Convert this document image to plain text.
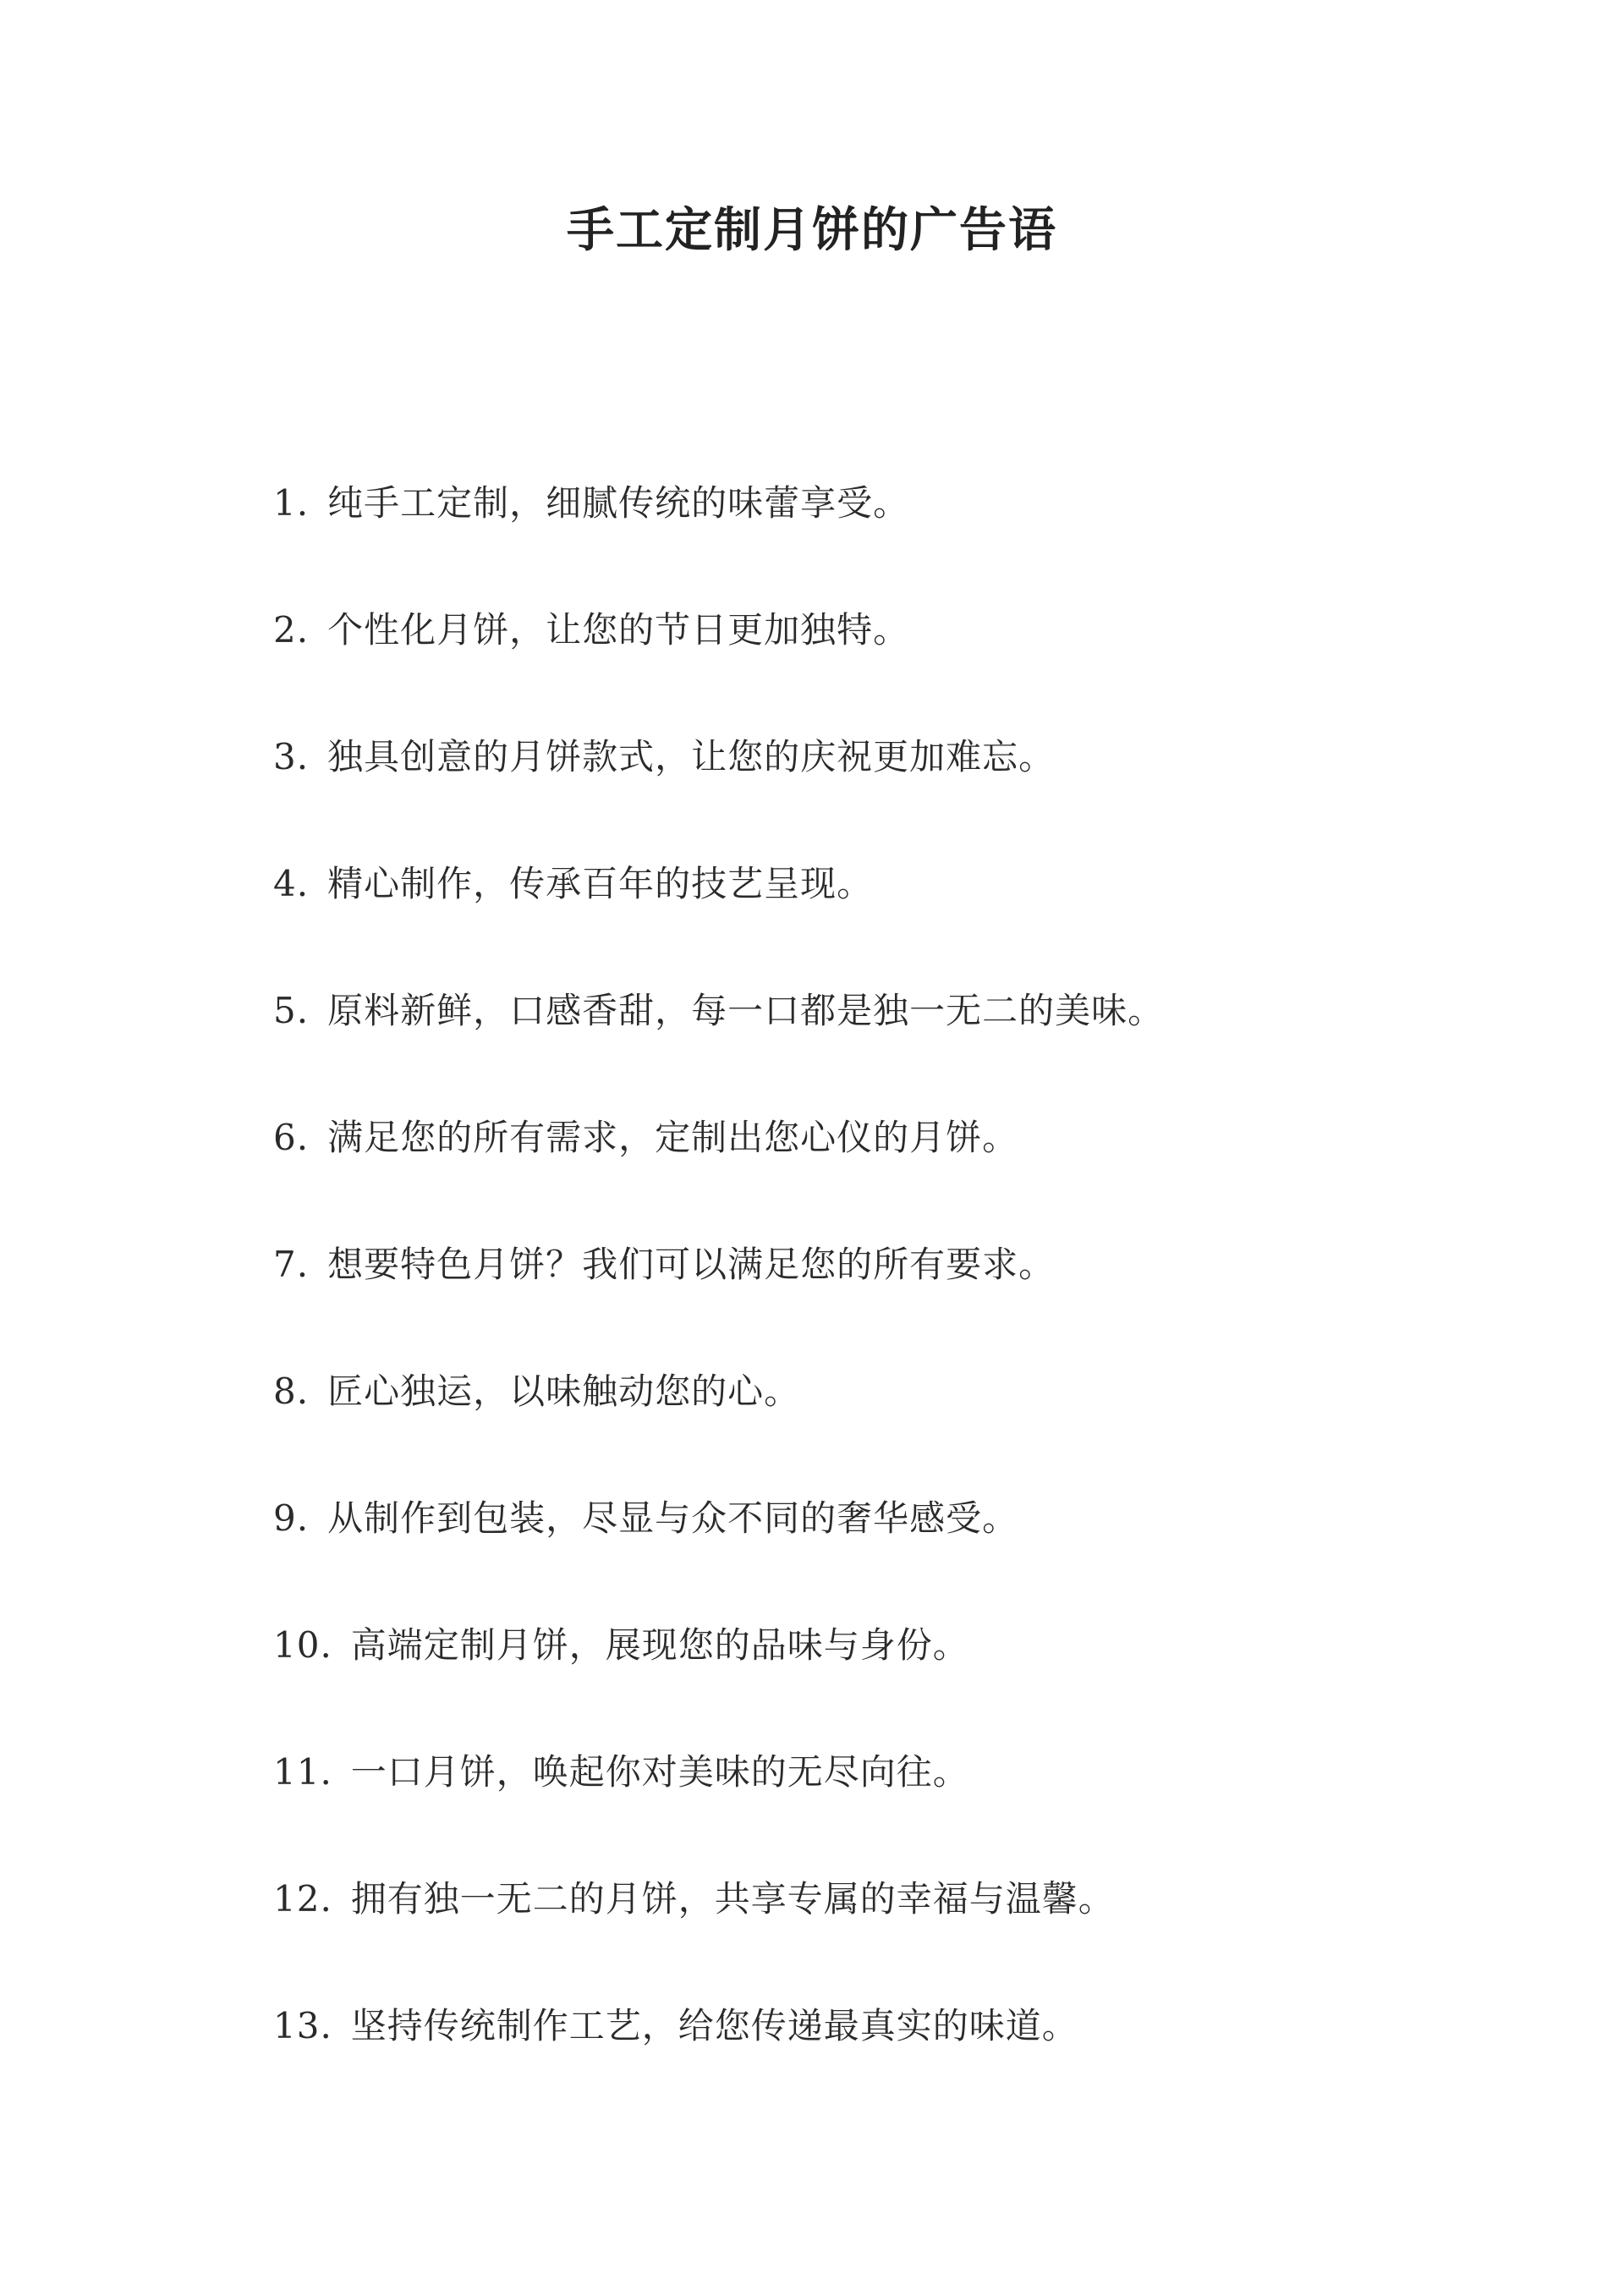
手工定制月饼的广告语
1. 纯手工定制，细腻传统的味蕾享受。
2. 个性化月饼，让您的节日更加独特。
3. 独具创意的月饼款式，让您的庆祝更加难忘。
4. 精心制作，传承百年的技艺呈现。
5. 原料新鲜，口感香甜，每一口都是独一无二的美味。
6. 满足您的所有需求，定制出您心仪的月饼。
7. 想要特色月饼？我们可以满足您的所有要求。
8. 匠心独运，以味触动您的心。
9. 从制作到包装，尽显与众不同的奢华感受。
10. 高端定制月饼，展现您的品味与身份。
11. 一口月饼，唤起你对美味的无尽向往。
12. 拥有独一无二的月饼，共享专属的幸福与温馨。
13. 坚持传统制作工艺，给您传递最真实的味道。
